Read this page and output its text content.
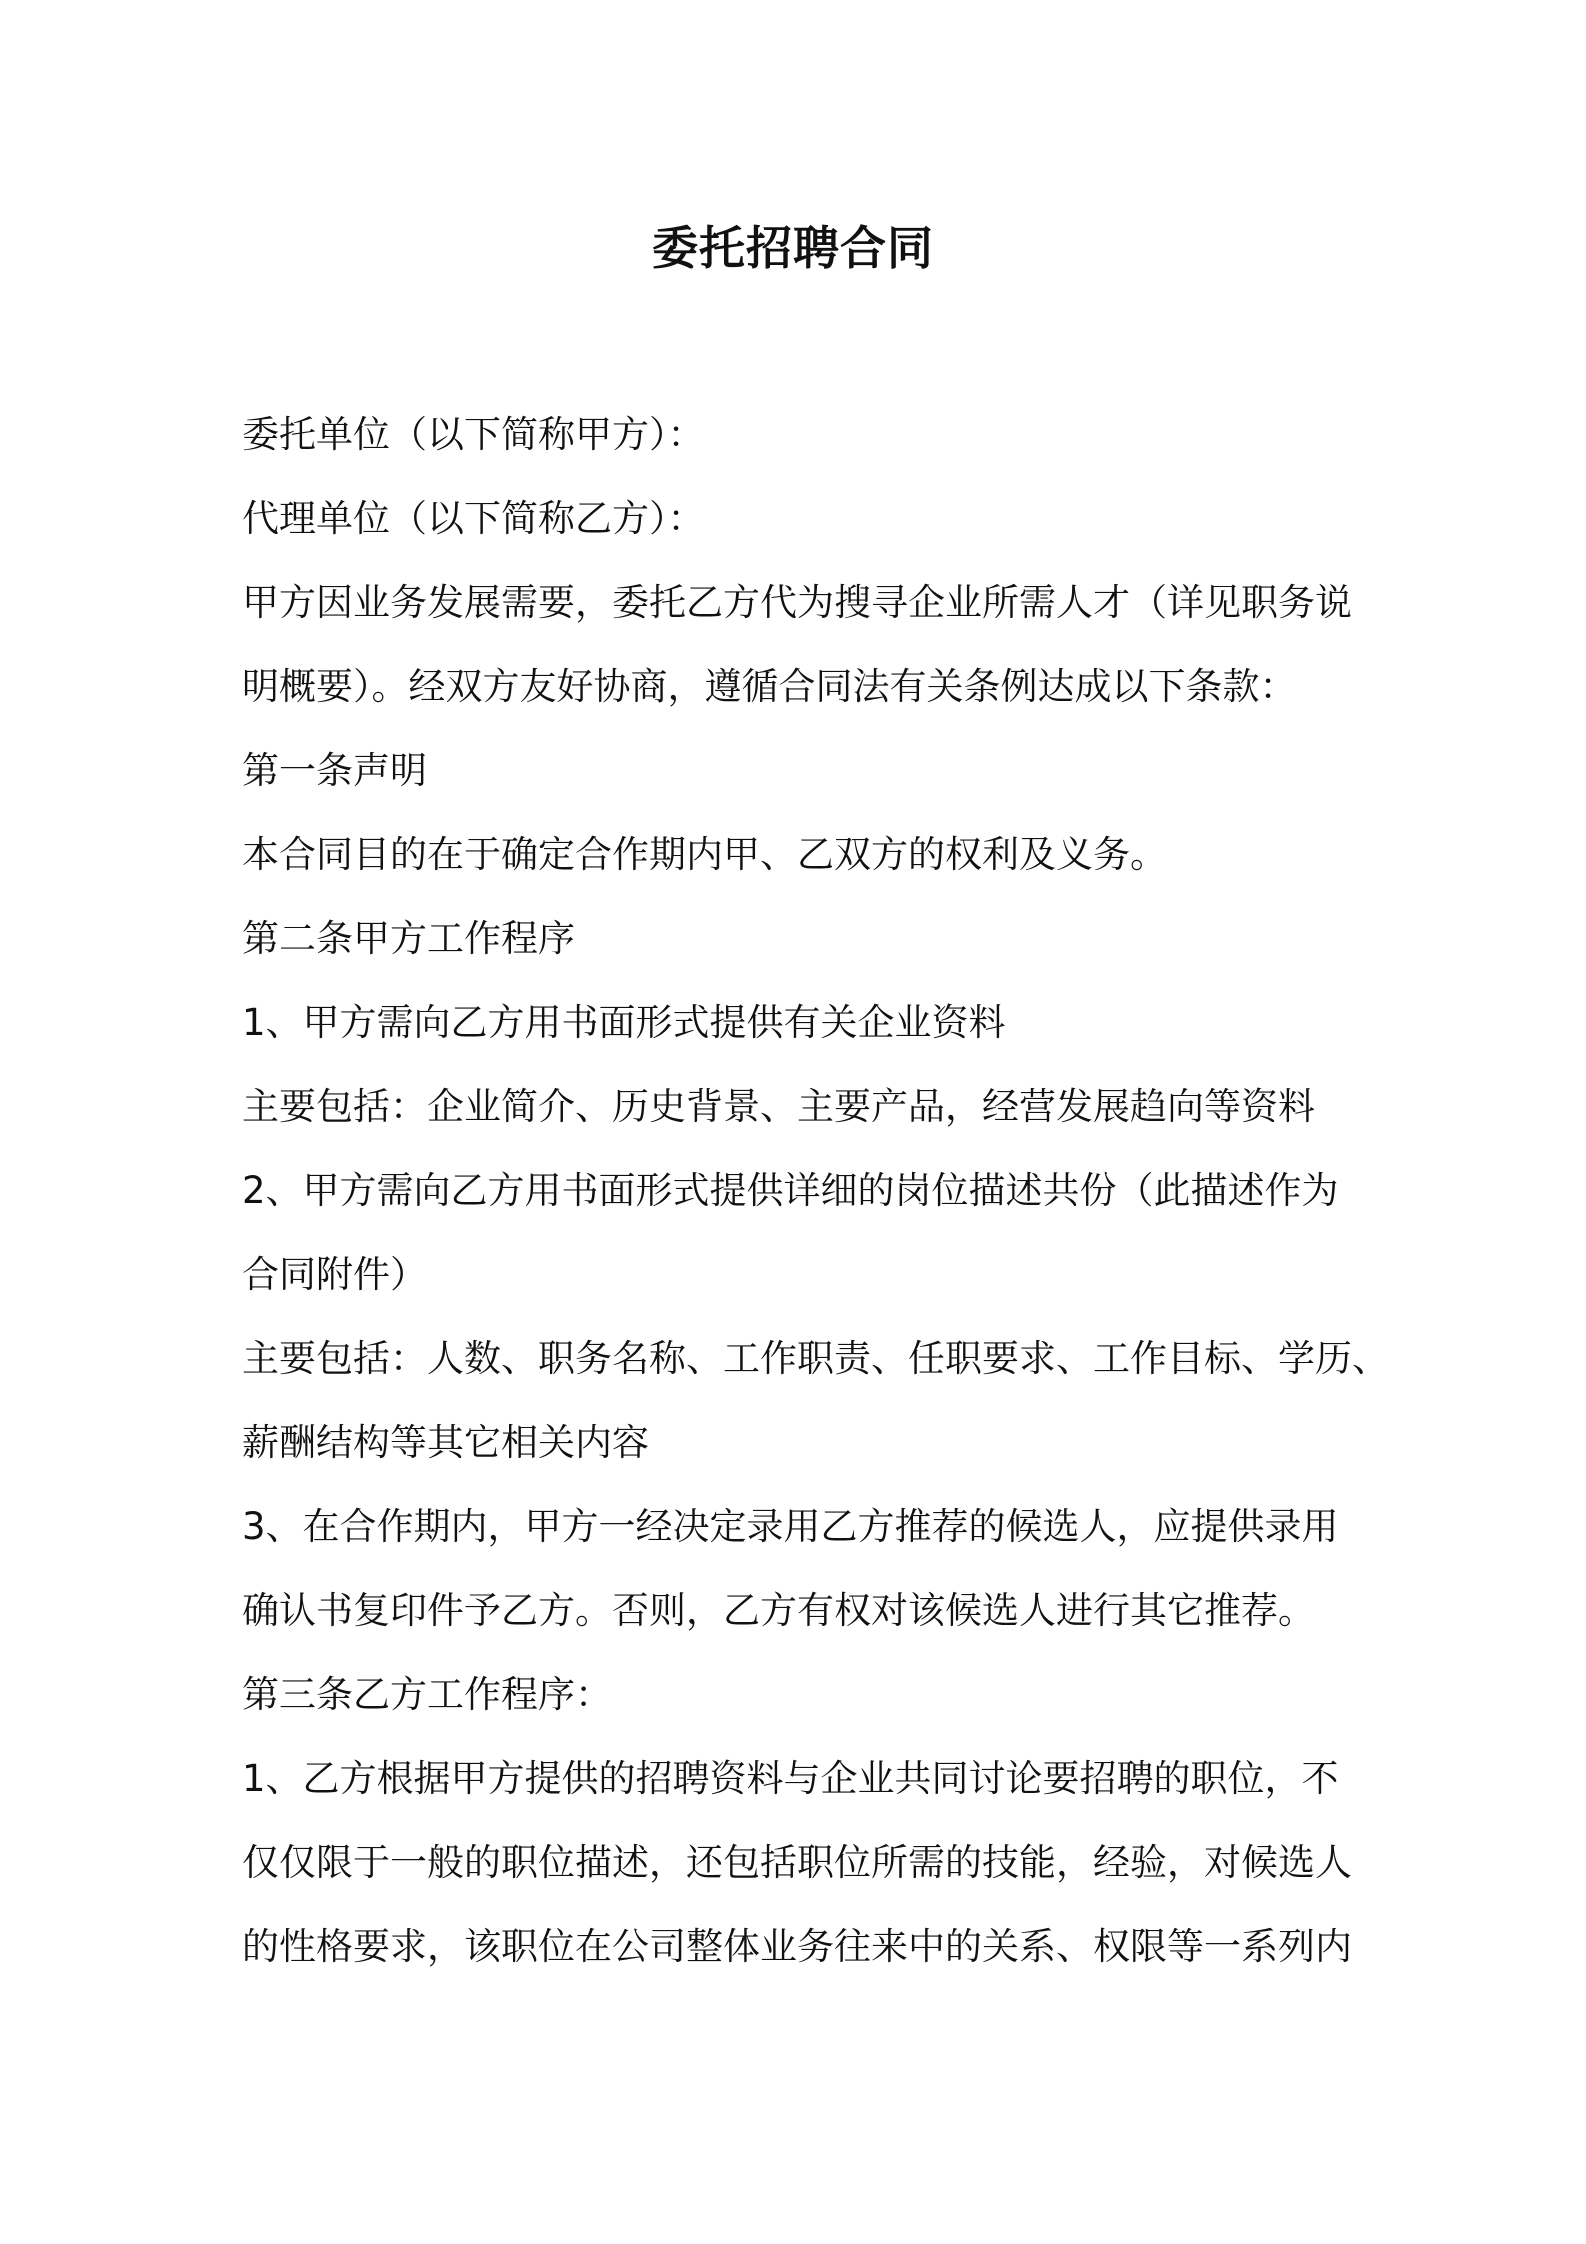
委托招聘合同
委托单位（以下简称甲方）：
代理单位（以下简称乙方）：
甲方因业务发展需要，委托乙方代为搜寻企业所需人才（详见职务说
明概要）。经双方友好协商，遵循合同法有关条例达成以下条款：
第一条声明
本合同目的在于确定合作期内甲、乙双方的权利及义务。
第二条甲方工作程序
1、甲方需向乙方用书面形式提供有关企业资料
主要包括：企业简介、历史背景、主要产品，经营发展趋向等资料
2、甲方需向乙方用书面形式提供详细的岗位描述共份（此描述作为
合同附件）
主要包括：人数、职务名称、工作职责、任职要求、工作目标、学历、
薪酬结构等其它相关内容
3、在合作期内，甲方一经决定录用乙方推荐的候选人，应提供录用
确认书复印件予乙方。否则，乙方有权对该候选人进行其它推荐。
第三条乙方工作程序：
1、乙方根据甲方提供的招聘资料与企业共同讨论要招聘的职位，不
仅仅限于一般的职位描述，还包括职位所需的技能，经验，对候选人
的性格要求，该职位在公司整体业务往来中的关系、权限等一系列内
